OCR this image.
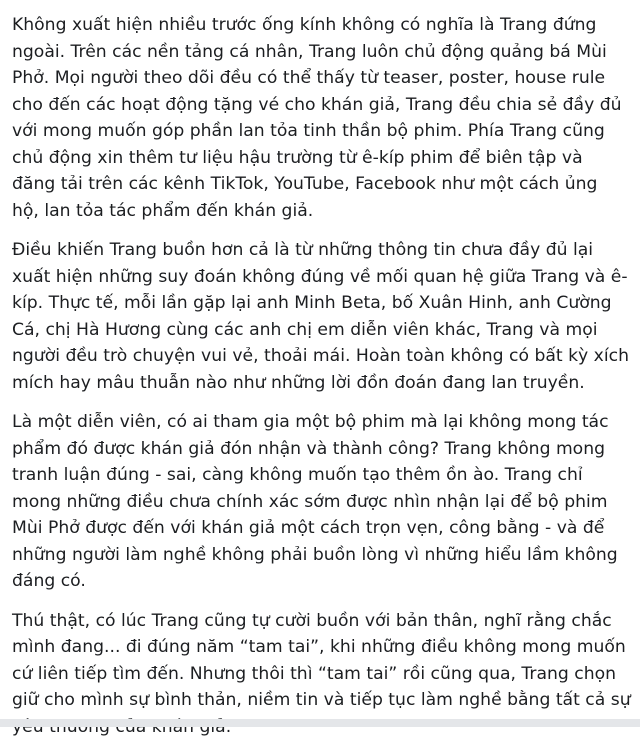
Không xuất hiện nhiều trước ống kính không có nghĩa là Trang đứng
ngoài. Trên các nền tảng cá nhân, Trang luôn chủ động quảng bá Mùi
Phở. Mọi người theo dõi đều có thể thấy từ teaser, poster, house rule
cho đến các hoạt động tặng vé cho khán giả, Trang đều chia sẻ đầy đủ
với mong muốn góp phần lan tỏa tinh thần bộ phim. Phía Trang cũng
chủ động xin thêm tư liệu hậu trường từ ê-kíp phim để biên tập và
đăng tải trên các kênh TikTok, YouTube, Facebook như một cách ủng
hộ, lan tỏa tác phẩm đến khán giả.

Điều khiến Trang buồn hơn cả là từ những thông tin chưa đầy đủ lại
xuất hiện những suy đoán không đúng về mối quan hệ giữa Trang và ê-
kíp. Thực tế, mỗi lần gặp lại anh Minh Beta, bố Xuân Hinh, anh Cường
Cá, chị Hà Hương cùng các anh chị em diễn viên khác, Trang và mọi
người đều trò chuyện vui vẻ, thoải mái. Hoàn toàn không có bất kỳ xích
mích hay mâu thuẫn nào như những lời đồn đoán đang lan truyền.

Là một diễn viên, có ai tham gia một bộ phim mà lại không mong tác
phẩm đó được khán giả đón nhận và thành công? Trang không mong
tranh luận đúng - sai, càng không muốn tạo thêm ồn ào. Trang chỉ
mong những điều chưa chính xác sớm được nhìn nhận lại để bộ phim
Mùi Phở được đến với khán giả một cách trọn vẹn, công bằng - và để
những người làm nghề không phải buồn lòng vì những hiểu lầm không
đáng có.

Thú thật, có lúc Trang cũng tự cười buồn với bản thân, nghĩ rằng chắc
mình đang... đi đúng năm “tam tai”, khi những điều không mong muốn
cứ liên tiếp tìm đến. Nhưng thôi thì “tam tai” rồi cũng qua, Trang chọn
giữ cho mình sự bình thản, niềm tin và tiếp tục làm nghề bằng tất cả sự
